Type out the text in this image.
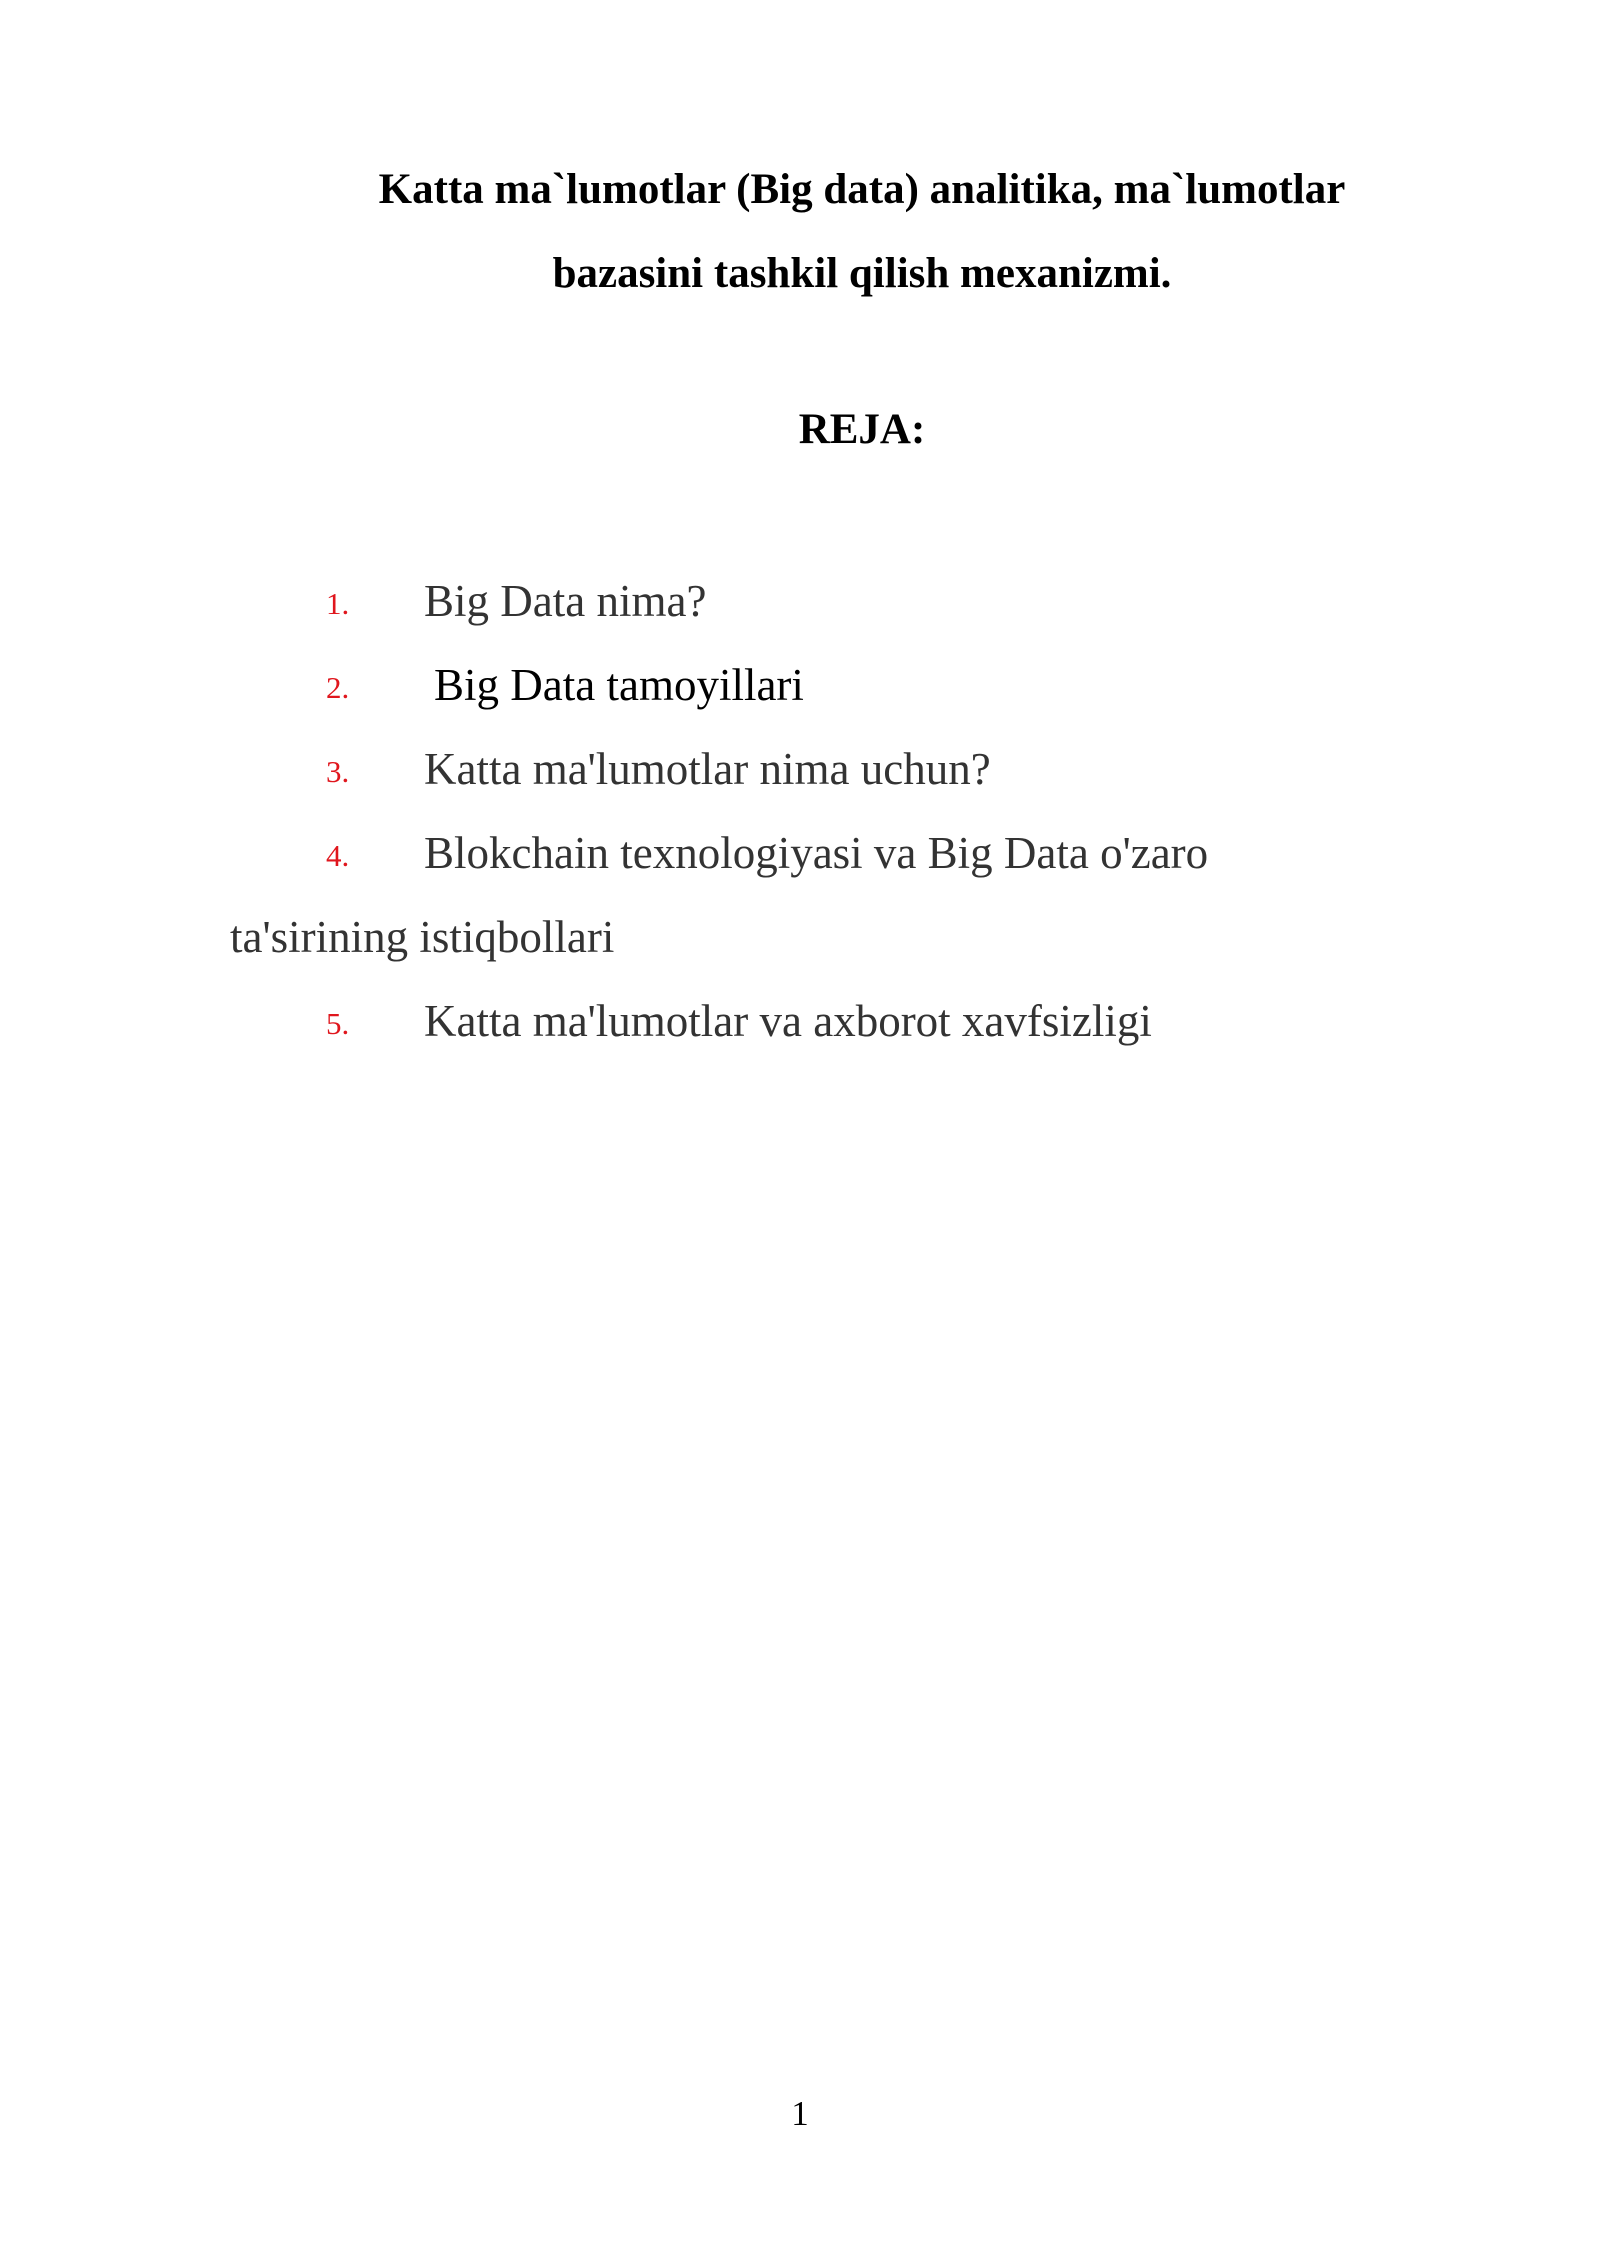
Katta ma`lumotlar (Big data) analitika, ma`lumotlar
bazasini tashkil qilish mexanizmi.
REJA:
1. Big Data nima?
2. Big Data tamoyillari
3. Katta ma'lumotlar nima uchun?
4. Blokchain texnologiyasi va Big Data o'zaro
ta'sirining istiqbollari
5. Katta ma'lumotlar va axborot xavfsizligi
1
